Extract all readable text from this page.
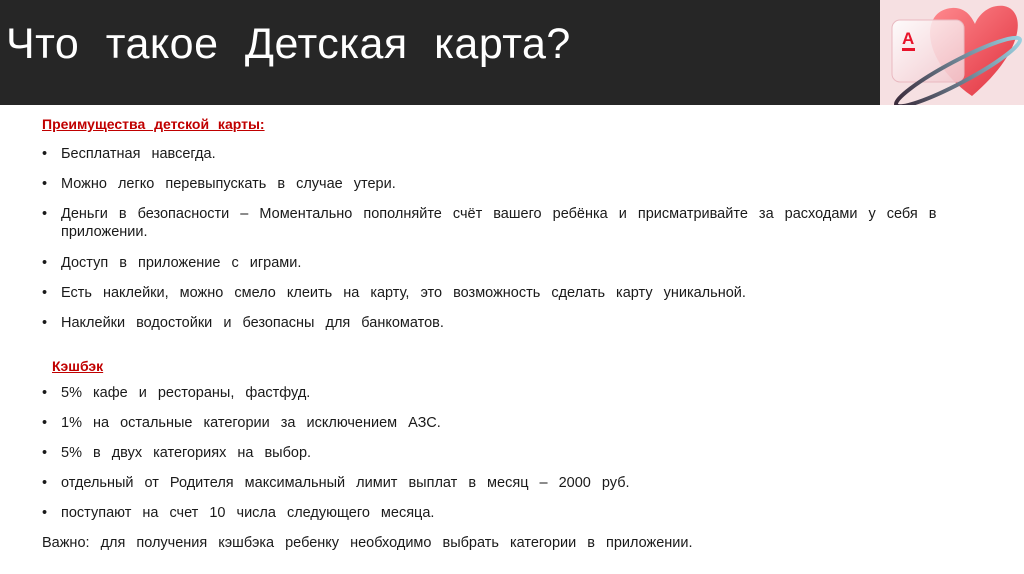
Что такое Детская карта?	А
Преимущества детской карты:
• Бесплатная навсегда.
• Можно легко перевыпускать в случае утери.
• Деньги в безопасности – Моментально пополняйте счёт вашего ребёнка и присматривайте за расходами у себя в приложении.
• Доступ в приложение с играми.
• Есть наклейки, можно смело клеить на карту, это возможность сделать карту уникальной.
• Наклейки водостойки и безопасны для банкоматов.
Кэшбэк
• 5% кафе и рестораны, фастфуд.
• 1% на остальные категории за исключением АЗС.
• 5% в двух категориях на выбор.
• отдельный от Родителя максимальный лимит выплат в месяц – 2000 руб.
• поступают на счет 10 числа следующего месяца.
Важно: для получения кэшбэка ребенку необходимо выбрать категории в приложении.
